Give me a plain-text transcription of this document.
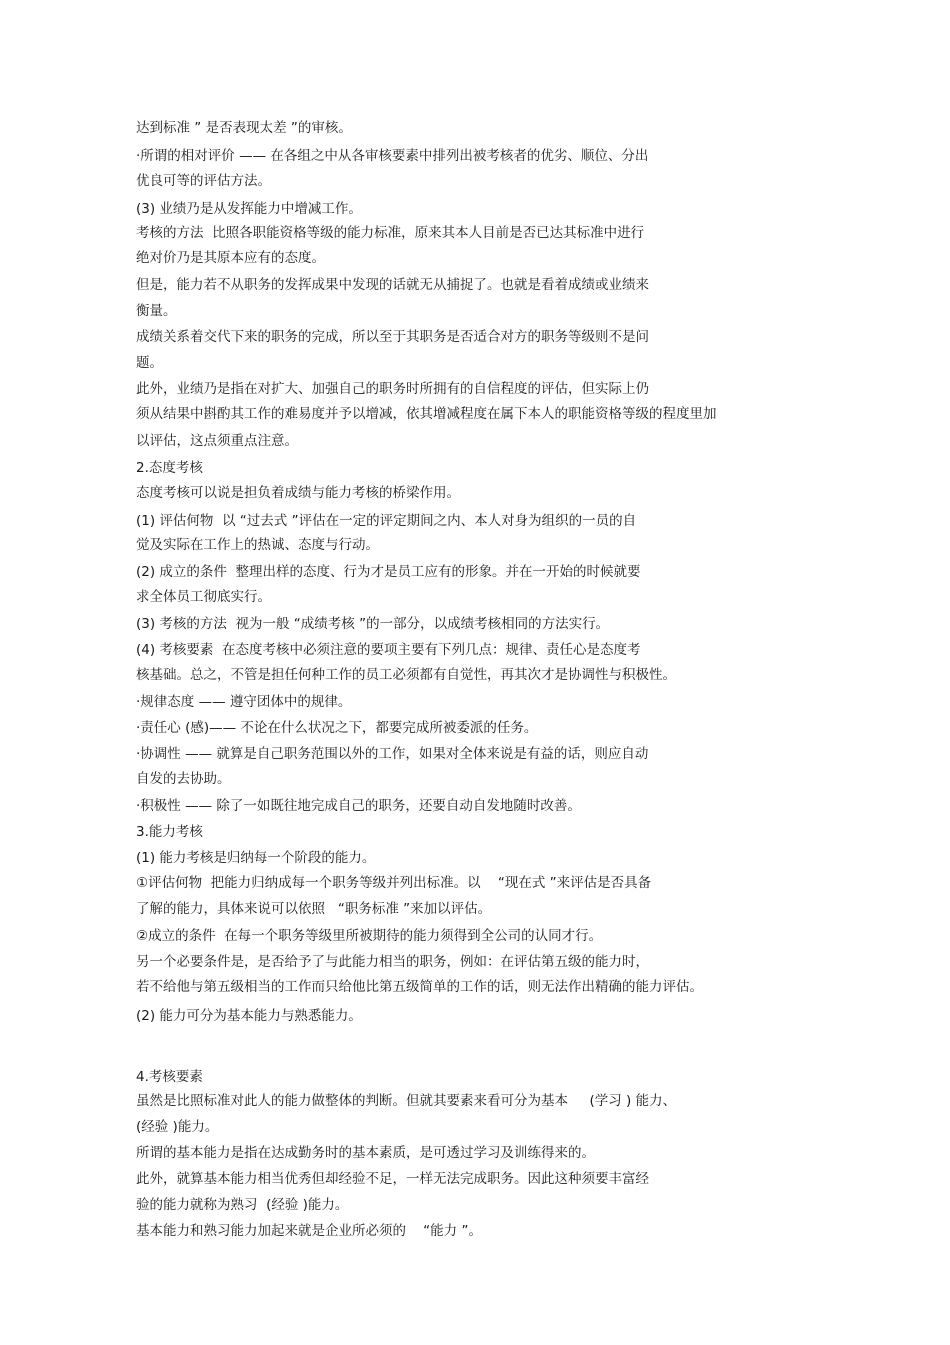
达到标准 ” 是否表现太差 ”的审核。

·所谓的相对评价 —— 在各组之中从各审核要素中排列出被考核者的优劣、顺位、分出

优良可等的评估方法。

(3) 业绩乃是从发挥能力中增减工作。

考核的方法  比照各职能资格等级的能力标准，原来其本人目前是否已达其标准中进行

绝对价乃是其原本应有的态度。

但是，能力若不从职务的发挥成果中发现的话就无从捕捉了。也就是看着成绩或业绩来

衡量。

成绩关系着交代下来的职务的完成，所以至于其职务是否适合对方的职务等级则不是问

题。

此外，业绩乃是指在对扩大、加强自己的职务时所拥有的自信程度的评估，但实际上仍

须从结果中斟酌其工作的难易度并予以增减，依其增减程度在属下本人的职能资格等级的程度里加

以评估，这点须重点注意。

2.态度考核

态度考核可以说是担负着成绩与能力考核的桥梁作用。

(1) 评估何物  以 “过去式 ”评估在一定的评定期间之内、本人对身为组织的一员的自

觉及实际在工作上的热诚、态度与行动。

(2) 成立的条件  整理出样的态度、行为才是员工应有的形象。并在一开始的时候就要

求全体员工彻底实行。

(3) 考核的方法  视为一般 “成绩考核 ”的一部分，以成绩考核相同的方法实行。

(4) 考核要素  在态度考核中必须注意的要项主要有下列几点：规律、责任心是态度考

核基础。总之，不管是担任何种工作的员工必须都有自觉性，再其次才是协调性与积极性。

·规律态度 —— 遵守团体中的规律。

·责任心 (感)—— 不论在什么状况之下，都要完成所被委派的任务。

·协调性 —— 就算是自己职务范围以外的工作，如果对全体来说是有益的话，则应自动

自发的去协助。

·积极性 —— 除了一如既往地完成自己的职务，还要自动自发地随时改善。

3.能力考核

(1) 能力考核是归纳每一个阶段的能力。

①评估何物  把能力归纳成每一个职务等级并列出标准。以    “现在式 ”来评估是否具备

了解的能力，具体来说可以依照   “职务标准 ”来加以评估。

②成立的条件  在每一个职务等级里所被期待的能力须得到全公司的认同才行。

另一个必要条件是，是否给予了与此能力相当的职务，例如：在评估第五级的能力时，

若不给他与第五级相当的工作而只给他比第五级简单的工作的话，则无法作出精确的能力评估。

(2) 能力可分为基本能力与熟悉能力。

4.考核要素

虽然是比照标准对此人的能力做整体的判断。但就其要素来看可分为基本     (学习 ) 能力、

(经验 )能力。

所谓的基本能力是指在达成勤务时的基本素质，是可透过学习及训练得来的。

此外，就算基本能力相当优秀但却经验不足，一样无法完成职务。因此这种须要丰富经

验的能力就称为熟习  (经验 )能力。

基本能力和熟习能力加起来就是企业所必须的    “能力 ”。
